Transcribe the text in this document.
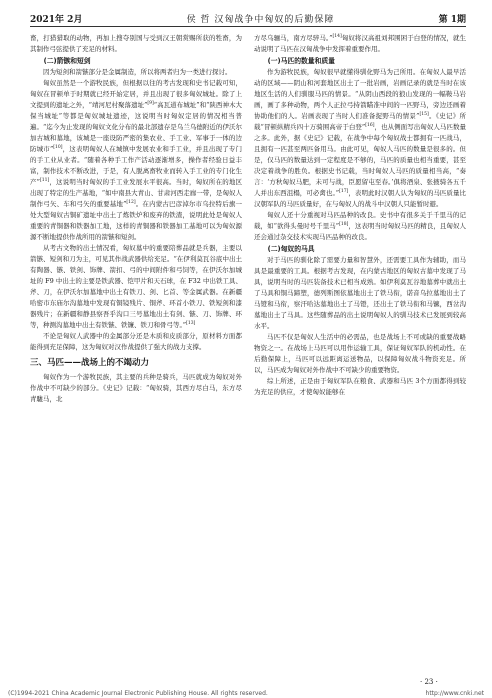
2021年 2月	侯 哲 汉匈战争中匈奴的后勤保障	第 1期

畜，打猎猎取的动物，再加上搜夺别国与受到汉王朝赏赐所获的牲畜，为其制作弓弦提供了充足的材料。

(二)箭镞和短剑

因为短剑和箭镞部分是金属制造，所以将两者归为一类进行探讨。

匈奴虽然是一个游牧民族，但根据以往的考古发现和史书记载可知，匈奴在冒顿单于时期就已经开始定居，并且出现了很多匈奴城址。除了上文提到的遗址之外，“靖河尼村聚落遗址”[9]“高瓦道布城址”和“陕西神木大保当城址”等都是匈奴城址遗迹，这说明当时匈奴定居的情况相当普遍。“迄今为止发现的匈奴文化分布的最北部遗存是乌兰乌德附近的伊沃尔加古城和墓地，该城是一座设防严密的集农业、手工业、军事于一体的边防城市”[10]，这表明匈奴人在城镇中发展农业和手工业，并且出现了专门的手工业从业者。“随着各种手工作产活动逐渐增多，操作者经验日益丰富，制作技术不断改进，于是，有人脱离畜牧业而转入手工业的专门化生产”[11]，这说明当时匈奴的手工业发展水平很高。当时，匈奴所在的地区出现了特定的生产基地，“如中南县大青山、甘肃河西走廊一带，是匈奴人制作弓矢、车和弓矢的重要基地”[12]。在内蒙古巴彦淖尔市乌拉特后旗一处大型匈奴古铜矿遗址中出土了炼铁炉和废弃的铁渣，说明此处是匈奴人重要的青铜器和铁器加工地，这样的青铜器和铁器加工基地可以为匈奴源源不断地提供作战所用的箭镞和短剑。

从考古文物的出土情况看，匈奴墓中的重要陪葬品就是兵器，主要以箭镞、短剑和刀为主，可见其作战武器供给充足。“在伊利莫瓦谷底中出土有陶器、镞、铁剑、饰牌、箭扣、弓的中间附件和弓饲等，在伊沃尔加城址的 F9 中出土的主要是铁武器、铠甲片和天石球，在 F32 中出铁工具、斧、刀，在伊沃尔加墓地中出土有铁刀、剑、匕首、等金属武器。在新疆哈密市东庙尔沟墓地中发现有铜镜残片、铜斧、环首小铁刀、铁短剑和漆器残片；在新疆和静县察吾乎沟口三号墓地出土有剑、镞、刀、饰牌、环等，种测沟墓地中出土有铁镞、铁镰、铁刀和骨弓等。”[13]

不论是匈奴人武器中的金属部分还是木质和皮质部分，原材料方面都能得到充足保障，这为匈奴对汉作战提供了强大的战力支撑。

三、马匹——战场上的不竭动力

匈奴作为一个游牧民族，其主要的兵种是骑兵，马匹就成为匈奴对外作战中不可缺少的部分。《史记》记载：“匈奴骑，其西方尽白马，东方尽青駹马，北

方尽乌骊马，南方尽骍马。”[14]匈奴将汉高祖刘邦围困于白登的情况，就生动说明了马匹在汉匈战争中发挥着重要作用。

(一)马匹的数量和质量

作为游牧民族，匈奴很早就懂得驯化野马为己所用。在匈奴人最早活动的区域——阴山和河套地区出土了一批岩画，岩画记录的就是当时在该地区生活的人们驯服马匹的情景。“从阴山西段的狼山发现的一幅鞍马岩画，画了多种动物，两个人正拉弓持箭瞄准中间的一匹野马，旁边还画着协助他们的人。岩画表现了当时人们准备捉野马的情景”[15]。《史记》所载“冒顿纵精兵四十万骑围高帝于白登”[16]，也从侧面写出匈奴人马匹数量之多。此外，据《史记》记载，在战争中每个匈奴战士都拥有一匹战马，且拥有一匹甚至两匹备用马。由此可见，匈奴人马匹的数量是很多的。但是，仅马匹的数量达到一定程度是不够的，马匹的质量也相当重要，甚至决定着战争的胜负。根据史书记载，当时匈奴人马匹的质量相当高，“奏言：‘方秋匈奴马肥，未可与战，臣愿留屯至春。’俱将酒泉、张掖骑各五千人并出东西沮榻，可必禽也。”[17]，表明此时汉朝人认为匈奴的马匹质量比汉朝军队的马匹质量好，在与匈奴人的战斗中汉朝人只能暂时避。

匈奴人还十分重视对马匹品种的改良。史书中有很多关于千里马的记载，如“欲得头曼时号千里马”[18]，这表明当时匈奴马匹的精良，且匈奴人还会通过杂交技术实现马匹品种的改良。

(二)匈奴的马具

对于马匹的驯化除了需要力量和智慧外，还需要工具作为辅助，而马具是最重要的工具。根据考古发现，在内蒙古地区的匈奴古墓中发现了马具，说明当时的马匹装备技术已相当成熟。如伊利莫瓦谷地墓葬中就出土了马具和铜马蹄塑，德列斯图依墓地出土了铁马衔，诺音乌拉墓地出土了马镫和马衔，察汗哈达墓地出土了马镫，还出土了铁马衔和马镳，西岔沟墓地出土了马具。这些随葬品的出土说明匈奴人的驯马技术已发展到较高水平。

马匹不仅是匈奴人生活中的必需品，也是战场上不可或缺的重要战略物资之一。在战场上马匹可以用作运输工具，保证匈奴军队的机动性。在后勤保障上，马匹可以远距离运送物品，以保障匈奴战斗物资充足。所以，马匹成为匈奴对外作战中不可缺少的重要物资。

综上所述，正是由于匈奴军队在粮食、武器和马匹 3个方面都得到较为充足的供应，才使匈奴能够在

· 23 ·
(C)1994-2021 China Academic Journal Electronic Publishing House. All rights reserved.	http://www.cnki.net
